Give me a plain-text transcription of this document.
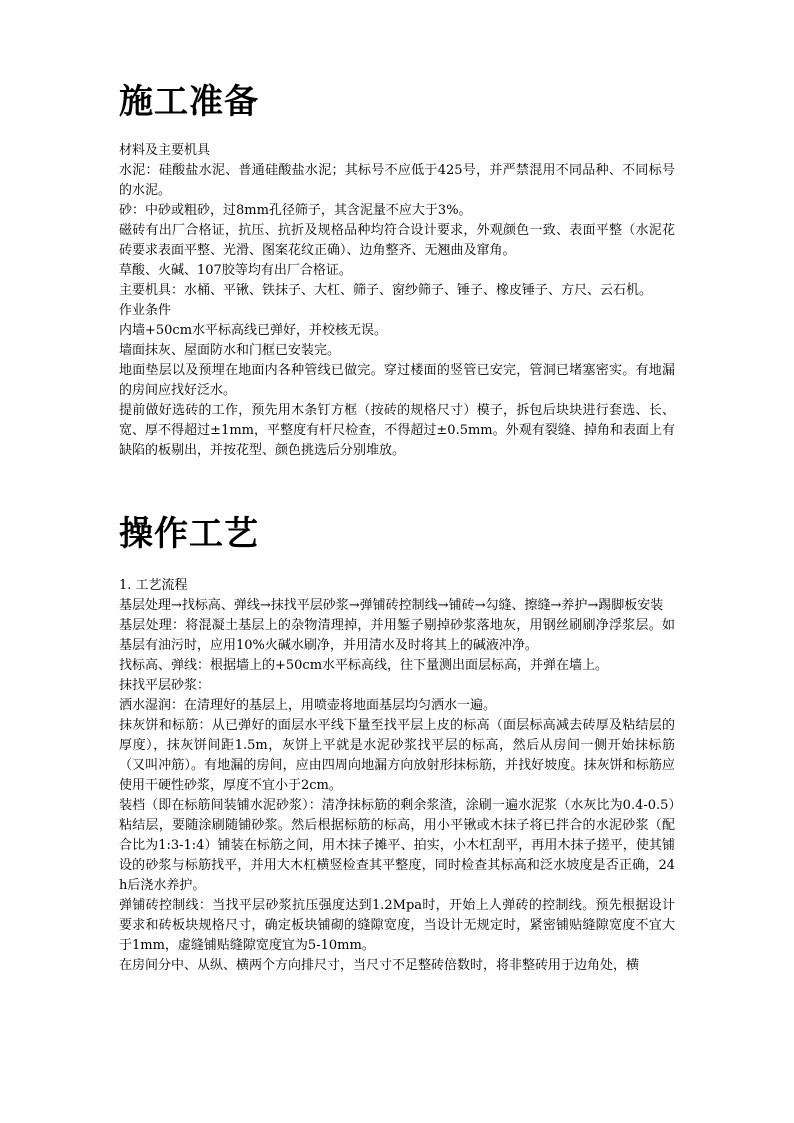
施工准备

材料及主要机具

水泥：硅酸盐水泥、普通硅酸盐水泥；其标号不应低于425号，并严禁混用不同品种、不同标号的水泥。

砂：中砂或粗砂，过8mm孔径筛子，其含泥量不应大于3%。

磁砖有出厂合格证，抗压、抗折及规格品种均符合设计要求，外观颜色一致、表面平整（水泥花砖要求表面平整、光滑、图案花纹正确）、边角整齐、无翘曲及窜角。

草酸、火碱、107胶等均有出厂合格证。

主要机具：水桶、平锹、铁抹子、大杠、筛子、窗纱筛子、锤子、橡皮锤子、方尺、云石机。

作业条件

内墙+50cm水平标高线已弹好，并校核无误。

墙面抹灰、屋面防水和门框已安装完。

地面垫层以及预埋在地面内各种管线已做完。穿过楼面的竖管已安完，管洞已堵塞密实。有地漏的房间应找好泛水。

提前做好选砖的工作，预先用木条钉方框（按砖的规格尺寸）模子，拆包后块块进行套选、长、宽、厚不得超过±1mm，平整度有杆尺检查，不得超过±0.5mm。外观有裂缝、掉角和表面上有缺陷的板剔出，并按花型、颜色挑选后分别堆放。

操作工艺

1. 工艺流程

基层处理→找标高、弹线→抹找平层砂浆→弹铺砖控制线→铺砖→勾缝、擦缝→养护→踢脚板安装

基层处理：将混凝土基层上的杂物清理掉，并用錾子剔掉砂浆落地灰，用钢丝刷刷净浮浆层。如基层有油污时，应用10%火碱水刷净，并用清水及时将其上的碱液冲净。

找标高、弹线：根据墙上的+50cm水平标高线，往下量测出面层标高，并弹在墙上。

抹找平层砂浆：

洒水湿润：在清理好的基层上，用喷壶将地面基层均匀洒水一遍。

抹灰饼和标筋：从已弹好的面层水平线下量至找平层上皮的标高（面层标高减去砖厚及粘结层的厚度），抹灰饼间距1.5m，灰饼上平就是水泥砂浆找平层的标高，然后从房间一侧开始抹标筋（又叫冲筋）。有地漏的房间，应由四周向地漏方向放射形抹标筋，并找好坡度。抹灰饼和标筋应使用干硬性砂浆，厚度不宜小于2cm。

装档（即在标筋间装铺水泥砂浆）：清净抹标筋的剩余浆渣，涂刷一遍水泥浆（水灰比为0.4-0.5）粘结层，要随涂刷随铺砂浆。然后根据标筋的标高，用小平锹或木抹子将已拌合的水泥砂浆（配合比为1:3-1:4）铺装在标筋之间，用木抹子摊平、拍实，小木杠刮平，再用木抹子搓平，使其铺设的砂浆与标筋找平，并用大木杠横竖检查其平整度，同时检查其标高和泛水坡度是否正确，24h后浇水养护。

弹铺砖控制线：当找平层砂浆抗压强度达到1.2Mpa时，开始上人弹砖的控制线。预先根据设计要求和砖板块规格尺寸，确定板块铺砌的缝隙宽度，当设计无规定时，紧密铺贴缝隙宽度不宜大于1mm，虚缝铺贴缝隙宽度宜为5-10mm。

在房间分中、从纵、横两个方向排尺寸，当尺寸不足整砖倍数时，将非整砖用于边角处，横
